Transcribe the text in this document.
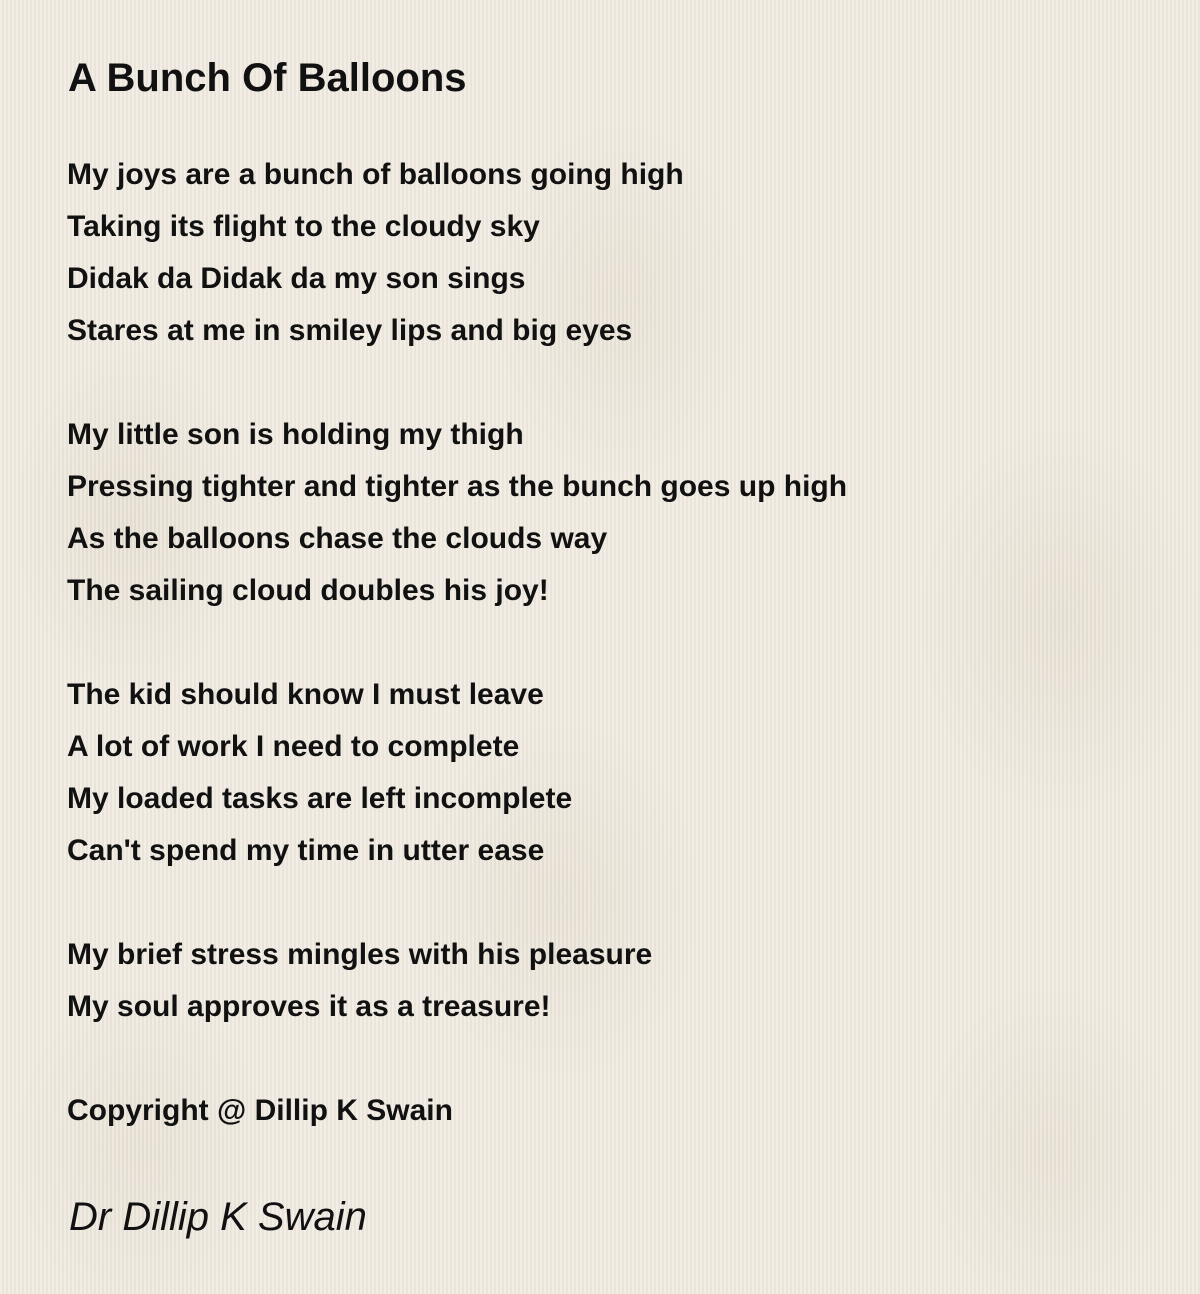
A Bunch Of Balloons
My joys are a bunch of balloons going high
Taking its flight to the cloudy sky
Didak da Didak da my son sings
Stares at me in smiley lips and big eyes
My little son is holding my thigh
Pressing tighter and tighter as the bunch goes up high
As the balloons chase the clouds way
The sailing cloud doubles his joy!
The kid should know I must leave
A lot of work I need to complete
My loaded tasks are left incomplete
Can't spend my time in utter ease
My brief stress mingles with his pleasure
My soul approves it as a treasure!

Copyright @ Dillip K Swain

Dr Dillip K Swain
